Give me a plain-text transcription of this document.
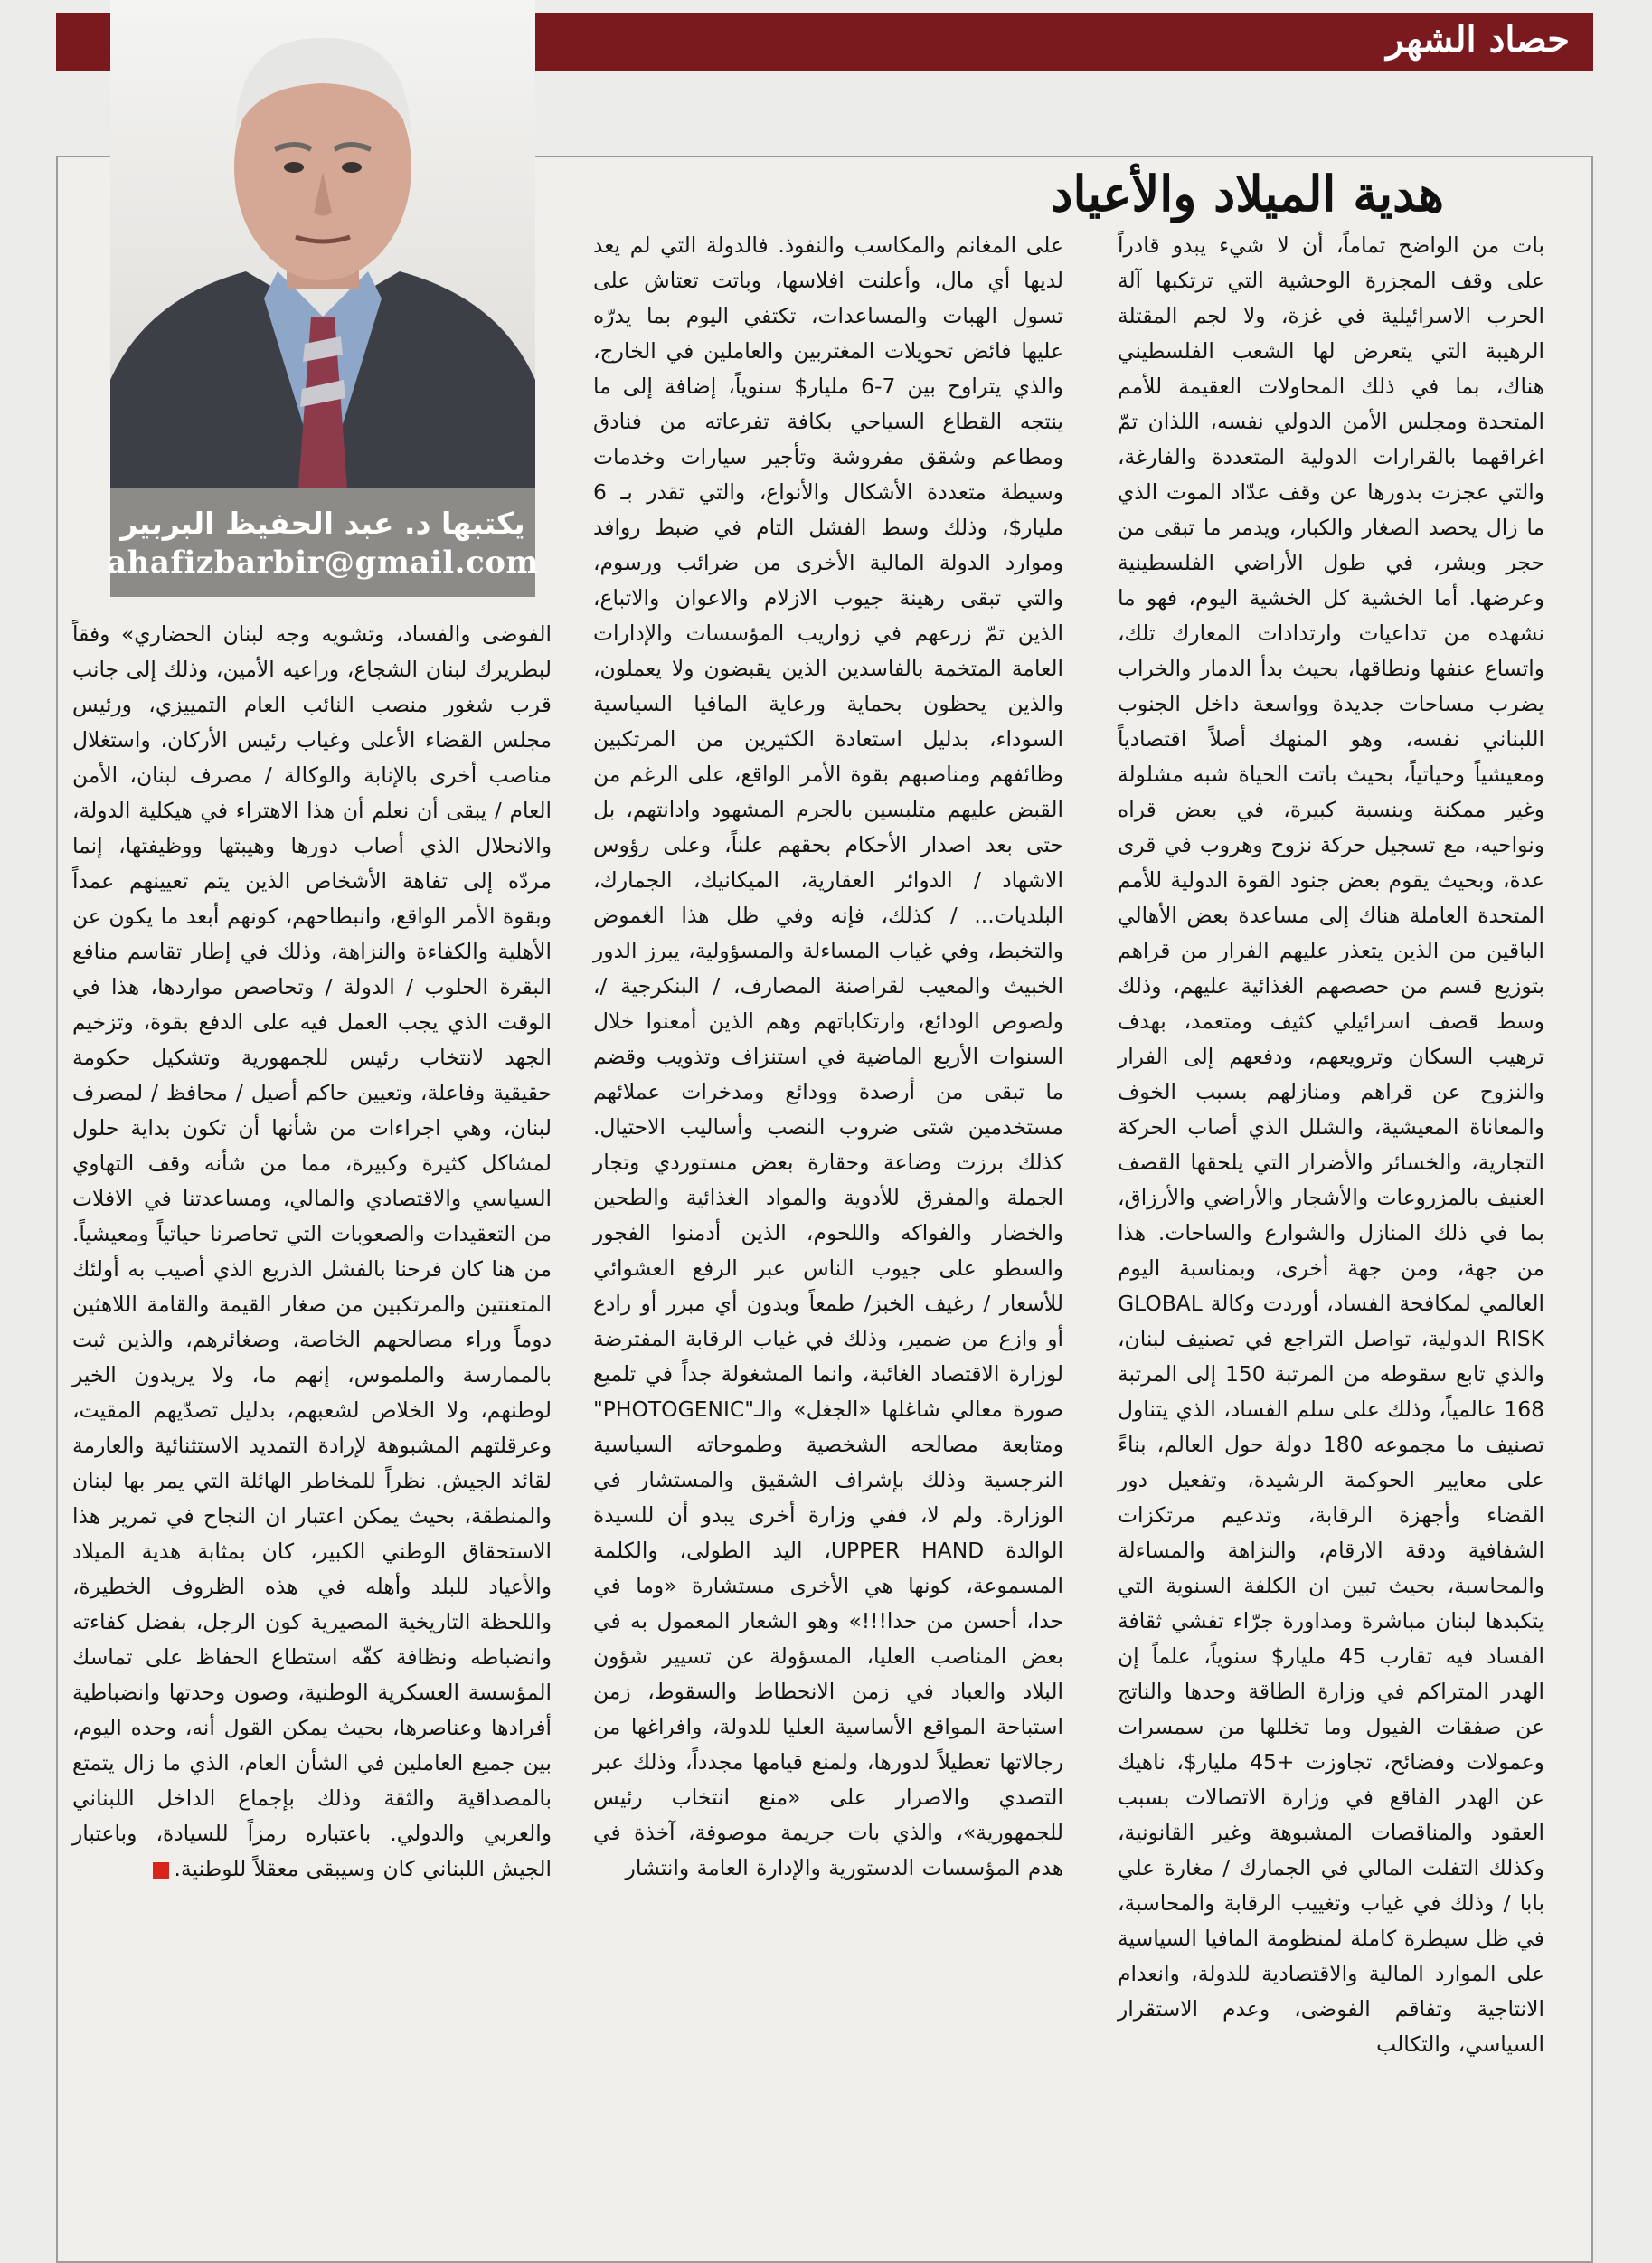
حصاد الشهر

يكتبها د. عبد الحفيظ البربير

ahafizbarbir@gmail.com

هدية الميلاد والأعياد

بات من الواضح تماماً، أن لا شيء يبدو قادراً على وقف المجزرة الوحشية التي ترتكبها آلة الحرب الاسرائيلية في غزة، ولا لجم المقتلة الرهيبة التي يتعرض لها الشعب الفلسطيني هناك، بما في ذلك المحاولات العقيمة للأمم المتحدة ومجلس الأمن الدولي نفسه، اللذان تمّ اغراقهما بالقرارات الدولية المتعددة والفارغة، والتي عجزت بدورها عن وقف عدّاد الموت الذي ما زال يحصد الصغار والكبار، ويدمر ما تبقى من حجر وبشر، في طول الأراضي الفلسطينية وعرضها. أما الخشية كل الخشية اليوم، فهو ما نشهده من تداعيات وارتدادات المعارك تلك، واتساع عنفها ونطاقها، بحيث بدأ الدمار والخراب يضرب مساحات جديدة وواسعة داخل الجنوب اللبناني نفسه، وهو المنهك أصلاً اقتصادياً ومعيشياً وحياتياً، بحيث باتت الحياة شبه مشلولة وغير ممكنة وبنسبة كبيرة، في بعض قراه ونواحيه، مع تسجيل حركة نزوح وهروب في قرى عدة، وبحيث يقوم بعض جنود القوة الدولية للأمم المتحدة العاملة هناك إلى مساعدة بعض الأهالي الباقين من الذين يتعذر عليهم الفرار من قراهم بتوزيع قسم من حصصهم الغذائية عليهم، وذلك وسط قصف اسرائيلي كثيف ومتعمد، بهدف ترهيب السكان وترويعهم، ودفعهم إلى الفرار والنزوح عن قراهم ومنازلهم بسبب الخوف والمعاناة المعيشية، والشلل الذي أصاب الحركة التجارية، والخسائر والأضرار التي يلحقها القصف العنيف بالمزروعات والأشجار والأراضي والأرزاق، بما في ذلك المنازل والشوارع والساحات. هذا من جهة، ومن جهة أخرى، وبمناسبة اليوم العالمي لمكافحة الفساد، أوردت وكالة GLOBAL RISK الدولية، تواصل التراجع في تصنيف لبنان، والذي تابع سقوطه من المرتبة 150 إلى المرتبة 168 عالمياً، وذلك على سلم الفساد، الذي يتناول تصنيف ما مجموعه 180 دولة حول العالم، بناءً على معايير الحوكمة الرشيدة، وتفعيل دور القضاء وأجهزة الرقابة، وتدعيم مرتكزات الشفافية ودقة الارقام، والنزاهة والمساءلة والمحاسبة، بحيث تبين ان الكلفة السنوية التي يتكبدها لبنان مباشرة ومداورة جرّاء تفشي ثقافة الفساد فيه تقارب 45 مليار$ سنوياً، علماً إن الهدر المتراكم في وزارة الطاقة وحدها والناتج عن صفقات الفيول وما تخللها من سمسرات وعمولات وفضائح، تجاوزت +45 مليار$، ناهيك عن الهدر الفاقع في وزارة الاتصالات بسبب العقود والمناقصات المشبوهة وغير القانونية، وكذلك التفلت المالي في الجمارك / مغارة علي بابا / وذلك في غياب وتغييب الرقابة والمحاسبة، في ظل سيطرة كاملة لمنظومة المافيا السياسية على الموارد المالية والاقتصادية للدولة، وانعدام الانتاجية وتفاقم الفوضى، وعدم الاستقرار السياسي، والتكالب

على المغانم والمكاسب والنفوذ. فالدولة التي لم يعد لديها أي مال، وأعلنت افلاسها، وباتت تعتاش على تسول الهبات والمساعدات، تكتفي اليوم بما يدرّه عليها فائض تحويلات المغتربين والعاملين في الخارج، والذي يتراوح بين 7-6 مليار$ سنوياً، إضافة إلى ما ينتجه القطاع السياحي بكافة تفرعاته من فنادق ومطاعم وشقق مفروشة وتأجير سيارات وخدمات وسيطة متعددة الأشكال والأنواع، والتي تقدر بـ 6 مليار$، وذلك وسط الفشل التام في ضبط روافد وموارد الدولة المالية الأخرى من ضرائب ورسوم، والتي تبقى رهينة جيوب الازلام والاعوان والاتباع، الذين تمّ زرعهم في زواريب المؤسسات والإدارات العامة المتخمة بالفاسدين الذين يقبضون ولا يعملون، والذين يحظون بحماية ورعاية المافيا السياسية السوداء، بدليل استعادة الكثيرين من المرتكبين وظائفهم ومناصبهم بقوة الأمر الواقع، على الرغم من القبض عليهم متلبسين بالجرم المشهود وادانتهم، بل حتى بعد اصدار الأحكام بحقهم علناً، وعلى رؤوس الاشهاد / الدوائر العقارية، الميكانيك، الجمارك، البلديات... / كذلك، فإنه وفي ظل هذا الغموض والتخبط، وفي غياب المساءلة والمسؤولية، يبرز الدور الخبيث والمعيب لقراصنة المصارف، / البنكرجية /، ولصوص الودائع، وارتكاباتهم وهم الذين أمعنوا خلال السنوات الأربع الماضية في استنزاف وتذويب وقضم ما تبقى من أرصدة وودائع ومدخرات عملائهم مستخدمين شتى ضروب النصب وأساليب الاحتيال. كذلك برزت وضاعة وحقارة بعض مستوردي وتجار الجملة والمفرق للأدوية والمواد الغذائية والطحين والخضار والفواكه واللحوم، الذين أدمنوا الفجور والسطو على جيوب الناس عبر الرفع العشوائي للأسعار / رغيف الخبز/ طمعاً وبدون أي مبرر أو رادع أو وازع من ضمير، وذلك في غياب الرقابة المفترضة لوزارة الاقتصاد الغائبة، وانما المشغولة جداً في تلميع صورة معالي شاغلها «الجغل» والـ"PHOTOGENIC" ومتابعة مصالحه الشخصية وطموحاته السياسية النرجسية وذلك بإشراف الشقيق والمستشار في الوزارة. ولم لا، ففي وزارة أخرى يبدو أن للسيدة الوالدة UPPER HAND، اليد الطولى، والكلمة المسموعة، كونها هي الأخرى مستشارة «وما في حدا، أحسن من حدا!!!» وهو الشعار المعمول به في بعض المناصب العليا، المسؤولة عن تسيير شؤون البلاد والعباد في زمن الانحطاط والسقوط، زمن استباحة المواقع الأساسية العليا للدولة، وافراغها من رجالاتها تعطيلاً لدورها، ولمنع قيامها مجدداً، وذلك عبر التصدي والاصرار على «منع انتخاب رئيس للجمهورية»، والذي بات جريمة موصوفة، آخذة في هدم المؤسسات الدستورية والإدارة العامة وانتشار

الفوضى والفساد، وتشويه وجه لبنان الحضاري» وفقاً لبطريرك لبنان الشجاع، وراعيه الأمين، وذلك إلى جانب قرب شغور منصب النائب العام التمييزي، ورئيس مجلس القضاء الأعلى وغياب رئيس الأركان، واستغلال مناصب أخرى بالإنابة والوكالة / مصرف لبنان، الأمن العام / يبقى أن نعلم أن هذا الاهتراء في هيكلية الدولة، والانحلال الذي أصاب دورها وهيبتها ووظيفتها، إنما مردّه إلى تفاهة الأشخاص الذين يتم تعيينهم عمداً وبقوة الأمر الواقع، وانبطاحهم، كونهم أبعد ما يكون عن الأهلية والكفاءة والنزاهة، وذلك في إطار تقاسم منافع البقرة الحلوب / الدولة / وتحاصص مواردها، هذا في الوقت الذي يجب العمل فيه على الدفع بقوة، وتزخيم الجهد لانتخاب رئيس للجمهورية وتشكيل حكومة حقيقية وفاعلة، وتعيين حاكم أصيل / محافظ / لمصرف لبنان، وهي اجراءات من شأنها أن تكون بداية حلول لمشاكل كثيرة وكبيرة، مما من شأنه وقف التهاوي السياسي والاقتصادي والمالي، ومساعدتنا في الافلات من التعقيدات والصعوبات التي تحاصرنا حياتياً ومعيشياً. من هنا كان فرحنا بالفشل الذريع الذي أصيب به أولئك المتعنتين والمرتكبين من صغار القيمة والقامة اللاهثين دوماً وراء مصالحهم الخاصة، وصغائرهم، والذين ثبت بالممارسة والملموس، إنهم ما، ولا يريدون الخير لوطنهم، ولا الخلاص لشعبهم، بدليل تصدّيهم المقيت، وعرقلتهم المشبوهة لإرادة التمديد الاستثنائية والعارمة لقائد الجيش. نظراً للمخاطر الهائلة التي يمر بها لبنان والمنطقة، بحيث يمكن اعتبار ان النجاح في تمرير هذا الاستحقاق الوطني الكبير، كان بمثابة هدية الميلاد والأعياد للبلد وأهله في هذه الظروف الخطيرة، واللحظة التاريخية المصيرية كون الرجل، بفضل كفاءته وانضباطه ونظافة كفّه استطاع الحفاظ على تماسك المؤسسة العسكرية الوطنية، وصون وحدتها وانضباطية أفرادها وعناصرها، بحيث يمكن القول أنه، وحده اليوم، بين جميع العاملين في الشأن العام، الذي ما زال يتمتع بالمصداقية والثقة وذلك بإجماع الداخل اللبناني والعربي والدولي. باعتباره رمزاً للسيادة، وباعتبار الجيش اللبناني كان وسيبقى معقلاً للوطنية.
